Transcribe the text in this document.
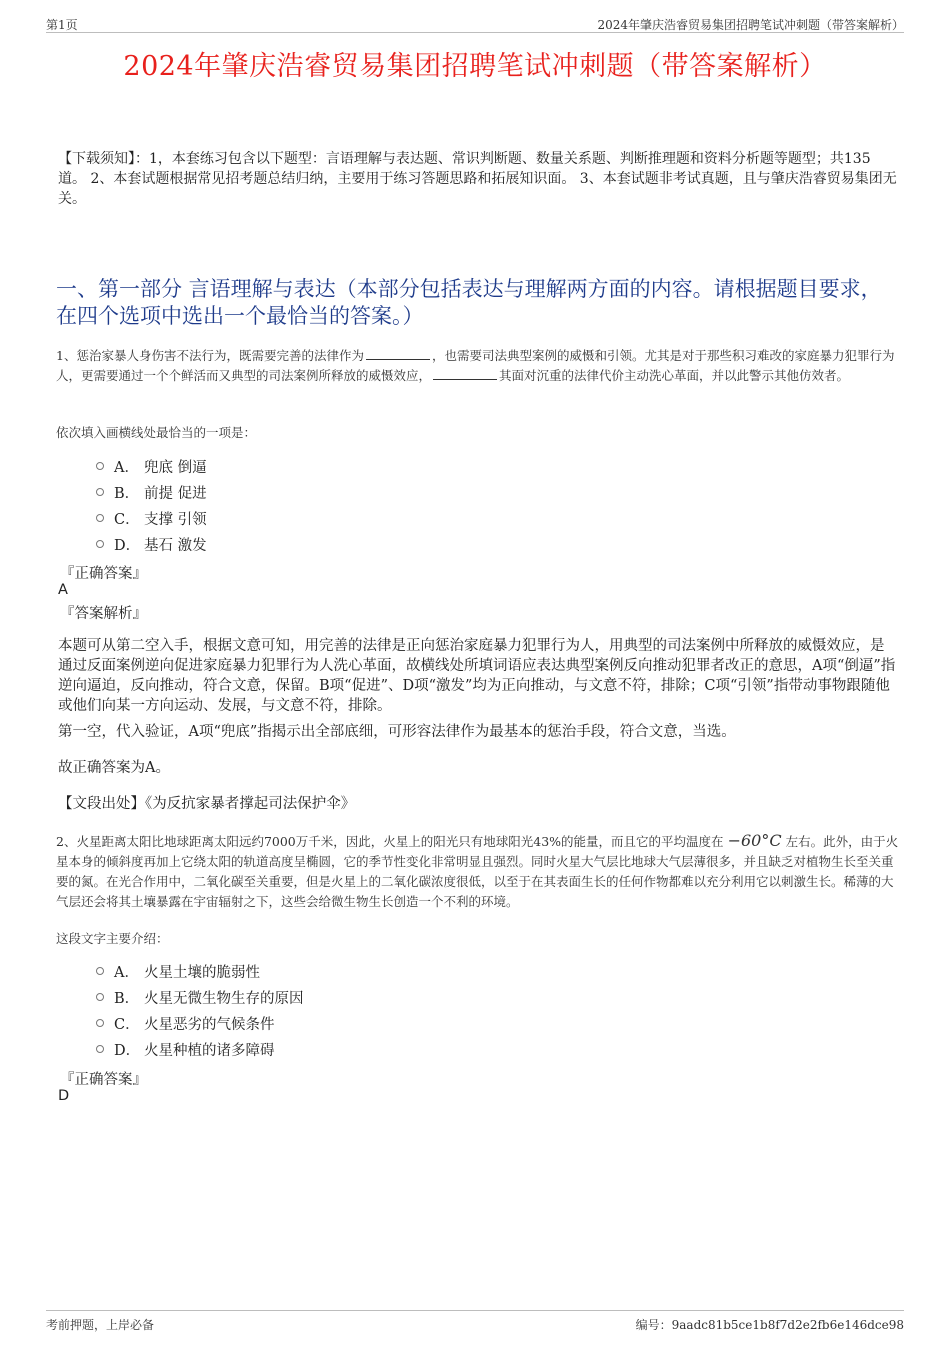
第1页	2024年肇庆浩睿贸易集团招聘笔试冲刺题（带答案解析）
2024年肇庆浩睿贸易集团招聘笔试冲刺题（带答案解析）
【下载须知】：1，本套练习包含以下题型：言语理解与表达题、常识判断题、数量关系题、判断推理题和资料分析题等题型；共135道。 2、本套试题根据常见招考题总结归纳，主要用于练习答题思路和拓展知识面。 3、本套试题非考试真题，且与肇庆浩睿贸易集团无关。
一、第一部分 言语理解与表达（本部分包括表达与理解两方面的内容。请根据题目要求，在四个选项中选出一个最恰当的答案。）
1、惩治家暴人身伤害不法行为，既需要完善的法律作为	，也需要司法典型案例的威慑和引领。尤其是对于那些积习难改的家庭暴力犯罪行为人，更需要通过一个个鲜活而又典型的司法案例所释放的威慑效应，	其面对沉重的法律代价主动洗心革面，并以此警示其他仿效者。
依次填入画横线处最恰当的一项是：
A． 兜底 倒逼
B． 前提 促进
C． 支撑 引领
D． 基石 激发
『正确答案』
A
『答案解析』
本题可从第二空入手，根据文意可知，用完善的法律是正向惩治家庭暴力犯罪行为人，用典型的司法案例中所释放的威慑效应，是通过反面案例逆向促进家庭暴力犯罪行为人洗心革面，故横线处所填词语应表达典型案例反向推动犯罪者改正的意思，A项“倒逼”指逆向逼迫，反向推动，符合文意，保留。B项“促进”、D项“激发”均为正向推动，与文意不符，排除；C项“引领”指带动事物跟随他或他们向某一方向运动、发展，与文意不符，排除。
第一空，代入验证，A项“兜底”指揭示出全部底细，可形容法律作为最基本的惩治手段，符合文意，当选。
故正确答案为A。
【文段出处】《为反抗家暴者撑起司法保护伞》
2、火星距离太阳比地球距离太阳远约7000万千米，因此，火星上的阳光只有地球阳光43%的能量，而且它的平均温度在 −60°C 左右。此外，由于火星本身的倾斜度再加上它绕太阳的轨道高度呈椭圆，它的季节性变化非常明显且强烈。同时火星大气层比地球大气层薄很多，并且缺乏对植物生长至关重要的氮。在光合作用中，二氧化碳至关重要，但是火星上的二氧化碳浓度很低，以至于在其表面生长的任何作物都难以充分利用它以刺激生长。稀薄的大气层还会将其土壤暴露在宇宙辐射之下，这些会给微生物生长创造一个不利的环境。
这段文字主要介绍：
A． 火星土壤的脆弱性
B． 火星无微生物生存的原因
C． 火星恶劣的气候条件
D． 火星种植的诸多障碍
『正确答案』
D
考前押题，上岸必备	编号：9aadc81b5ce1b8f7d2e2fb6e146dce98
